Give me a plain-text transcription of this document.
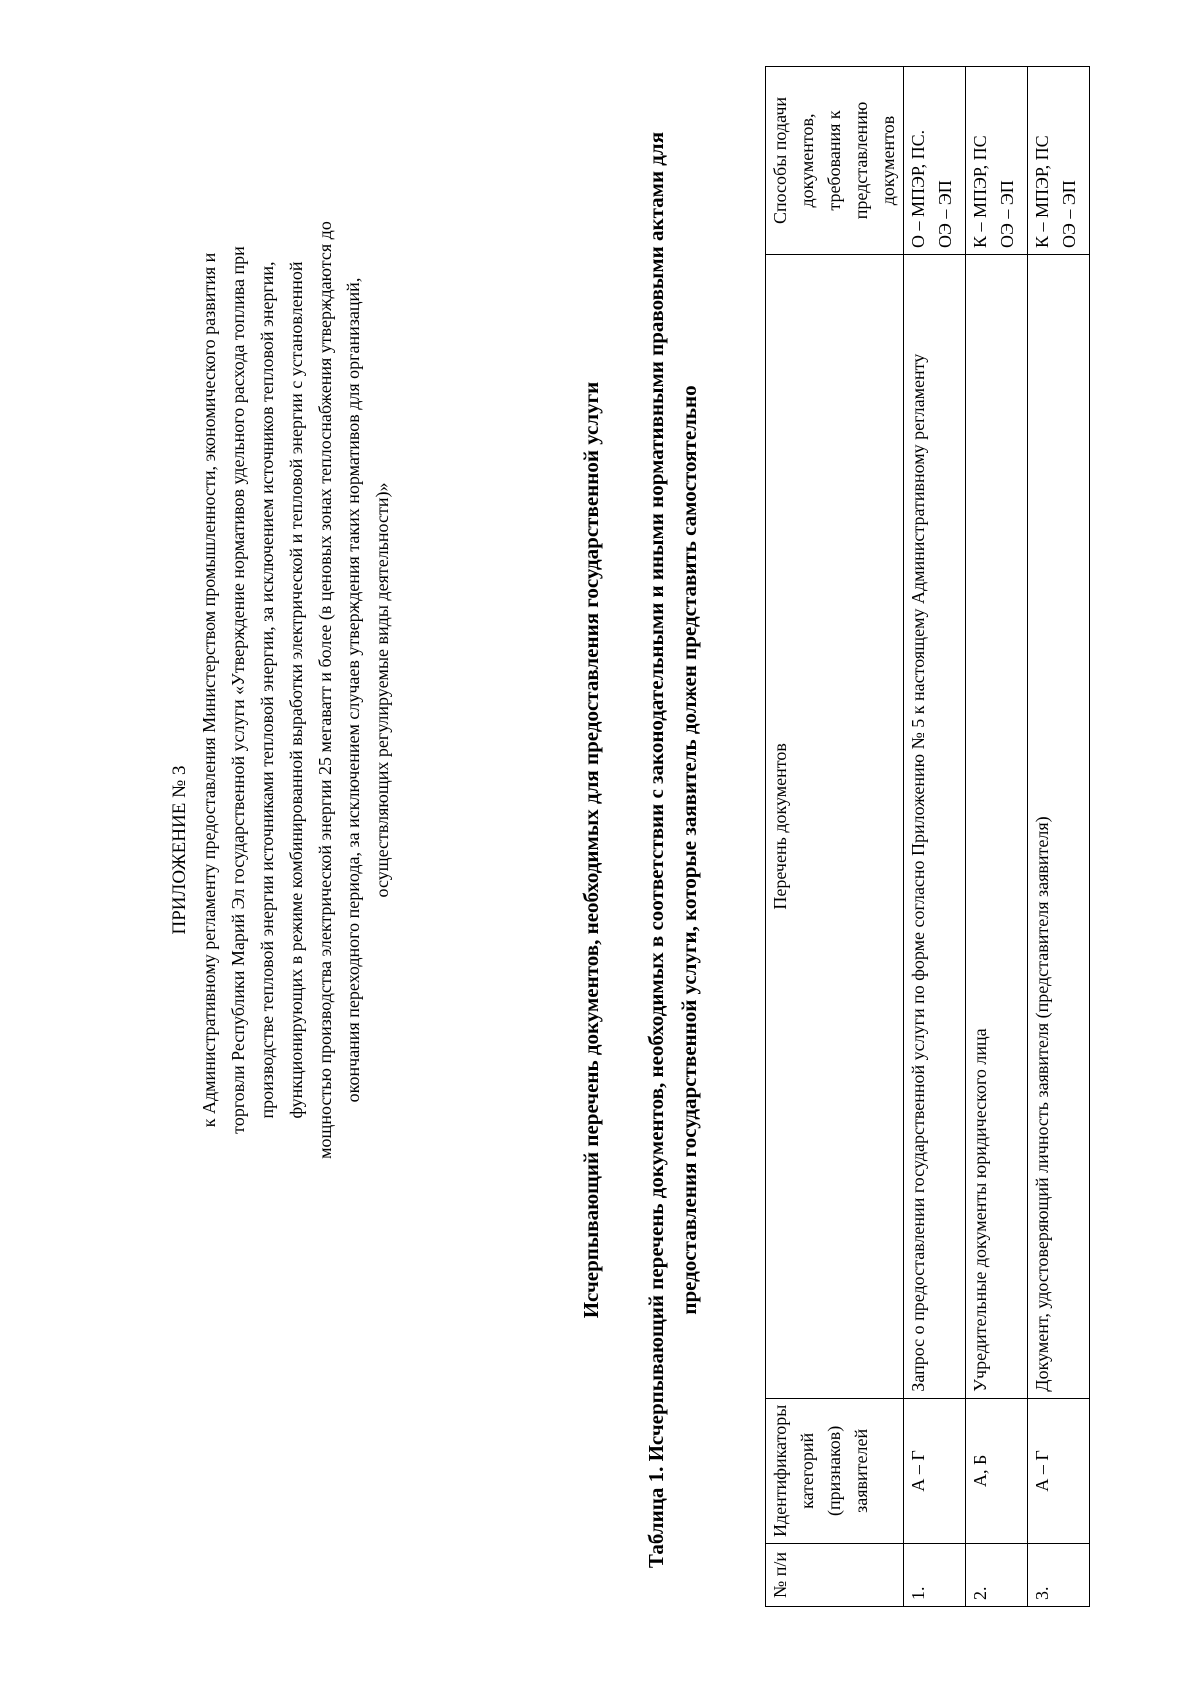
ПРИЛОЖЕНИЕ № 3 к Административному регламенту предоставления Министерством промышленности, экономического развития и торговли Республики Марий Эл государственной услуги «Утверждение нормативов удельного расхода топлива при производстве тепловой энергии источниками тепловой энергии, за исключением источников тепловой энергии, функционирующих в режиме комбинированной выработки электрической и тепловой энергии с установленной мощностью производства электрической энергии 25 мегаватт и более (в ценовых зонах теплоснабжения утверждаются до окончания переходного периода, за исключением случаев утверждения таких нормативов для организаций, осуществляющих регулируемые виды деятельности)»	Исчерпывающий перечень документов, необходимых для предоставления государственной услуги Таблица 1. Исчерпывающий перечень документов, необходимых в соответствии с законодательными и иными нормативными правовыми актами для предоставления государственной услуги, которые заявитель должен представить самостоятельно
№ п/и	Идентификаторы категорий (признаков) заявителей	Перечень документов	Способы подачи документов, требования к представлению документов
1.	А – Г	Запрос о предоставлении государственной услуги по форме согласно Приложению № 5 к настоящему Административному регламенту	О – МПЭР, ПС. ОЭ – ЭП

2.	А, Б	Учредительные документы юридического лица	К – МПЭР, ПС ОЭ – ЭП

3.	А – Г	Документ, удостоверяющий личность заявителя (представителя заявителя)	К – МПЭР, ПС ОЭ – ЭП
